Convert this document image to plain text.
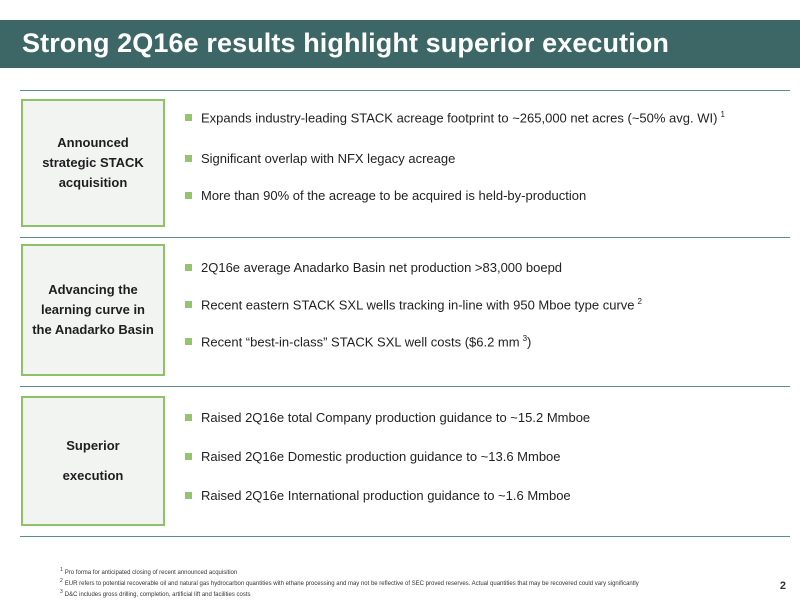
Strong 2Q16e results highlight superior execution
Announced
strategic STACK
acquisition
Expands industry-leading STACK acreage footprint to ~265,000 net acres (~50% avg. WI) $^1$
Significant overlap with NFX legacy acreage
More than 90% of the acreage to be acquired is held-by-production
Advancing the
learning curve in
the Anadarko Basin
2Q16e average Anadarko Basin net production >83,000 boepd
Recent eastern STACK SXL wells tracking in-line with 950 Mboe type curve $^2$
Recent “best-in-class” STACK SXL well costs ($6.2 mm $^3$)
Superior
execution
Raised 2Q16e total Company production guidance to ~15.2 Mmboe
Raised 2Q16e Domestic production guidance to ~13.6 Mmboe
Raised 2Q16e International production guidance to ~1.6 Mmboe
$^1$ Pro forma for anticipated closing of recent announced acquisition
$^2$ EUR refers to potential recoverable oil and natural gas hydrocarbon quantities with ethane processing and may not be reflective of SEC proved reserves. Actual quantities that may be recovered could vary significantly
$^3$ D&C includes gross drilling, completion, artificial lift and facilities costs
2
